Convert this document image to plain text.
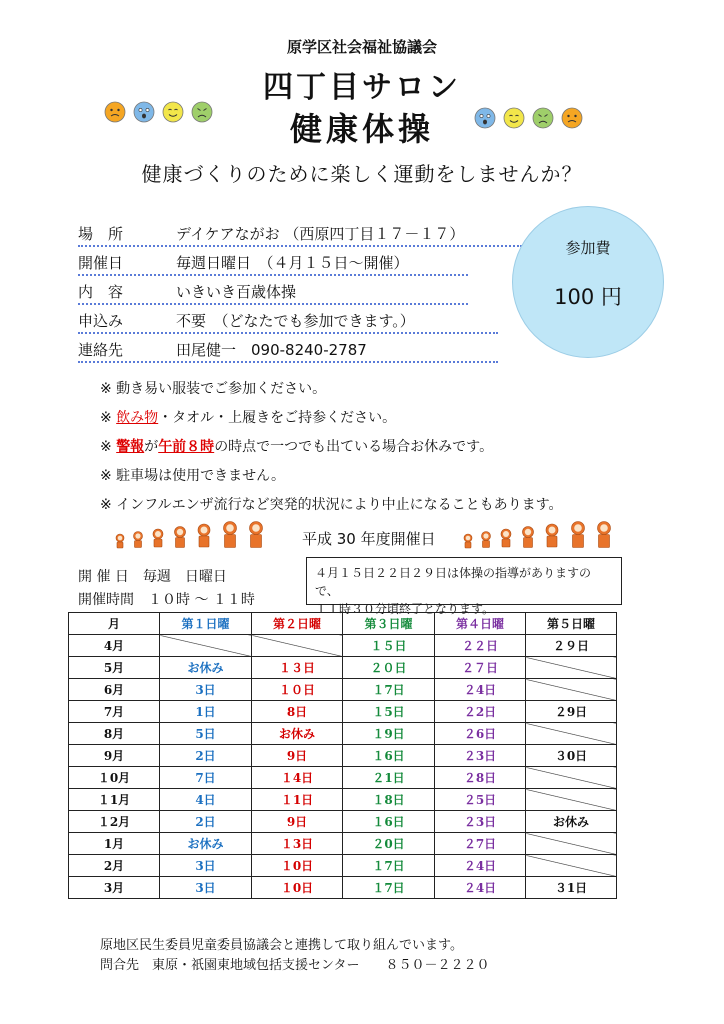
原学区社会福祉協議会
四丁目サロン
健康体操
健康づくりのために楽しく運動をしませんか？
場　所	デイケアながお （西原四丁目１７－１７）
開催日	毎週日曜日　（４月１５日～開催）
内　容	いきいき百歳体操
申込み	不要　（どなたでも参加できます。）
連絡先	田尾健一　090-8240-2787
参加費
100 円
※ 動き易い服装でご参加ください。
※ 飲み物・タオル・上履きをご持参ください。
※ 警報が午前８時の時点で一つでも出ている場合お休みです。
※ 駐車場は使用できません。
※ インフルエンザ流行など突発的状況により中止になることもあります。
平成 30 年度開催日
開 催 日　毎週　日曜日
開催時間　１０時 ～ １１時
４月１５日２２日２９日は体操の指導がありますので、
１１時３０分頃終了となります。
月	第１日曜	第２日曜	第３日曜	第４日曜	第５日曜
4月			１５日	２２日	２９日
5月	お休み	１３日	２０日	２７日	
6月	3日	１０日	１7日	２4日	
7月	1日	8日	１5日	２2日	２9日
8月	5日	お休み	１9日	２6日	
9月	2日	9日	１6日	２3日	３0日
１0月	7日	１4日	２1日	２8日	
１1月	4日	１1日	１8日	２5日	
１2月	2日	9日	１6日	２3日	お休み
1月	お休み	１3日	２0日	２7日	
2月	3日	１0日	１7日	２4日	
3月	3日	１0日	１7日	２4日	３1日
原地区民生委員児童委員協議会と連携して取り組んでいます。
問合先　東原・祇園東地域包括支援センター　　８５０－２２２０
